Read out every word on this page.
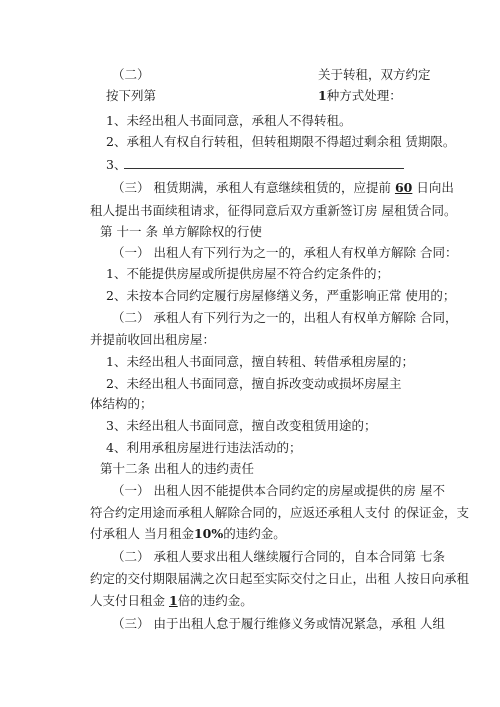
（二）	关于转租，双方约定
按下列第	1种方式处理：
1、未经出租人书面同意，承租人不得转租。
2、承租人有权自行转租，但转租期限不得超过剩余租 赁期限。
3、
（三） 租赁期满，承租人有意继续租赁的，应提前 60 日向出
租人提出书面续租请求，征得同意后双方重新签订房 屋租赁合同。
第 十一 条 单方解除权的行使
（一） 出租人有下列行为之一的，承租人有权单方解除 合同：
1、不能提供房屋或所提供房屋不符合约定条件的；
2、未按本合同约定履行房屋修缮义务，严重影响正常 使用的；
（二） 承租人有下列行为之一的，出租人有权单方解除 合同，
并提前收回出租房屋：
1、未经出租人书面同意，擅自转租、转借承租房屋的；
2、未经出租人书面同意，擅自拆改变动或损坏房屋主
体结构的；
3、未经出租人书面同意，擅自改变租赁用途的；
4、利用承租房屋进行违法活动的；
第十二条 出租人的违约责任
（一） 出租人因不能提供本合同约定的房屋或提供的房 屋不
符合约定用途而承租人解除合同的，应返还承租人支付 的保证金，支
付承租人 当月租金10%的违约金。
（二） 承租人要求出租人继续履行合同的，自本合同第 七条
约定的交付期限届满之次日起至实际交付之日止，出租 人按日向承租
人支付日租金 1倍的违约金。
（三） 由于出租人怠于履行维修义务或情况紧急，承租 人组
